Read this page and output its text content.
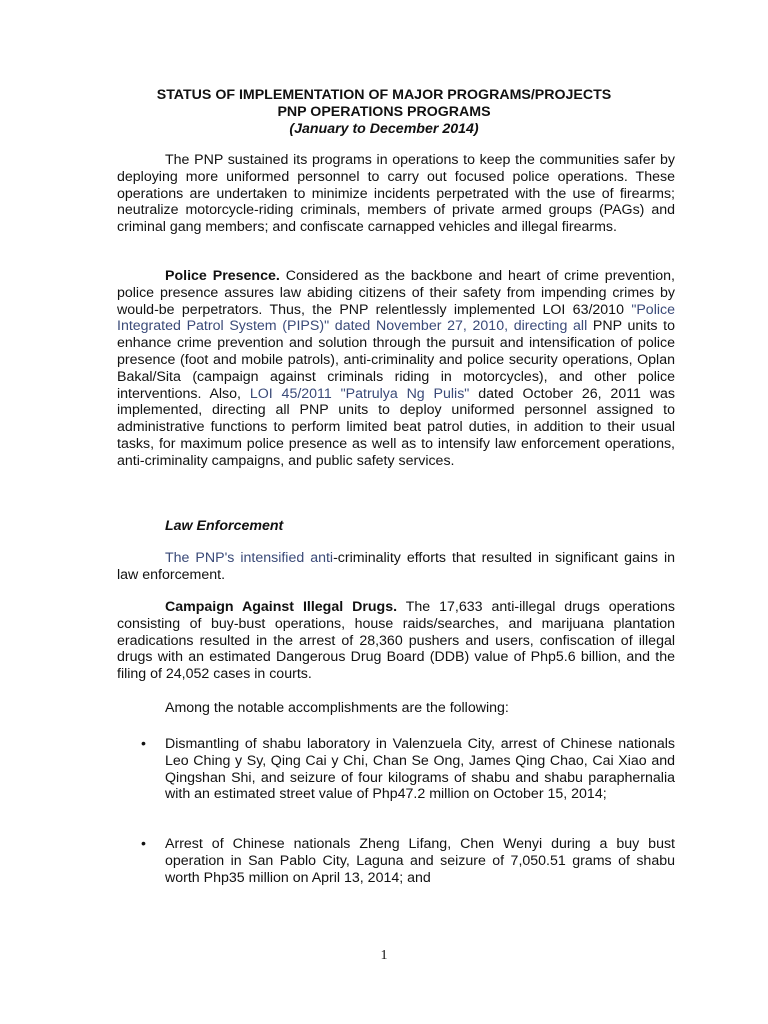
STATUS OF IMPLEMENTATION OF MAJOR PROGRAMS/PROJECTS
PNP OPERATIONS PROGRAMS
(January to December 2014)

The PNP sustained its programs in operations to keep the communities safer by deploying more uniformed personnel to carry out focused police operations. These operations are undertaken to minimize incidents perpetrated with the use of firearms; neutralize motorcycle-riding criminals, members of private armed groups (PAGs) and criminal gang members; and confiscate carnapped vehicles and illegal firearms.

Police Presence. Considered as the backbone and heart of crime prevention, police presence assures law abiding citizens of their safety from impending crimes by would-be perpetrators. Thus, the PNP relentlessly implemented LOI 63/2010 "Police Integrated Patrol System (PIPS)" dated November 27, 2010, directing all PNP units to enhance crime prevention and solution through the pursuit and intensification of police presence (foot and mobile patrols), anti-criminality and police security operations, Oplan Bakal/Sita (campaign against criminals riding in motorcycles), and other police interventions. Also, LOI 45/2011 "Patrulya Ng Pulis" dated October 26, 2011 was implemented, directing all PNP units to deploy uniformed personnel assigned to administrative functions to perform limited beat patrol duties, in addition to their usual tasks, for maximum police presence as well as to intensify law enforcement operations, anti-criminality campaigns, and public safety services.

Law Enforcement

The PNP's intensified anti-criminality efforts that resulted in significant gains in law enforcement.

Campaign Against Illegal Drugs. The 17,633 anti-illegal drugs operations consisting of buy-bust operations, house raids/searches, and marijuana plantation eradications resulted in the arrest of 28,360 pushers and users, confiscation of illegal drugs with an estimated Dangerous Drug Board (DDB) value of Php5.6 billion, and the filing of 24,052 cases in courts.

Among the notable accomplishments are the following:

• Dismantling of shabu laboratory in Valenzuela City, arrest of Chinese nationals Leo Ching y Sy, Qing Cai y Chi, Chan Se Ong, James Qing Chao, Cai Xiao and Qingshan Shi, and seizure of four kilograms of shabu and shabu paraphernalia with an estimated street value of Php47.2 million on October 15, 2014;
• Arrest of Chinese nationals Zheng Lifang, Chen Wenyi during a buy bust operation in San Pablo City, Laguna and seizure of 7,050.51 grams of shabu worth Php35 million on April 13, 2014; and
1
